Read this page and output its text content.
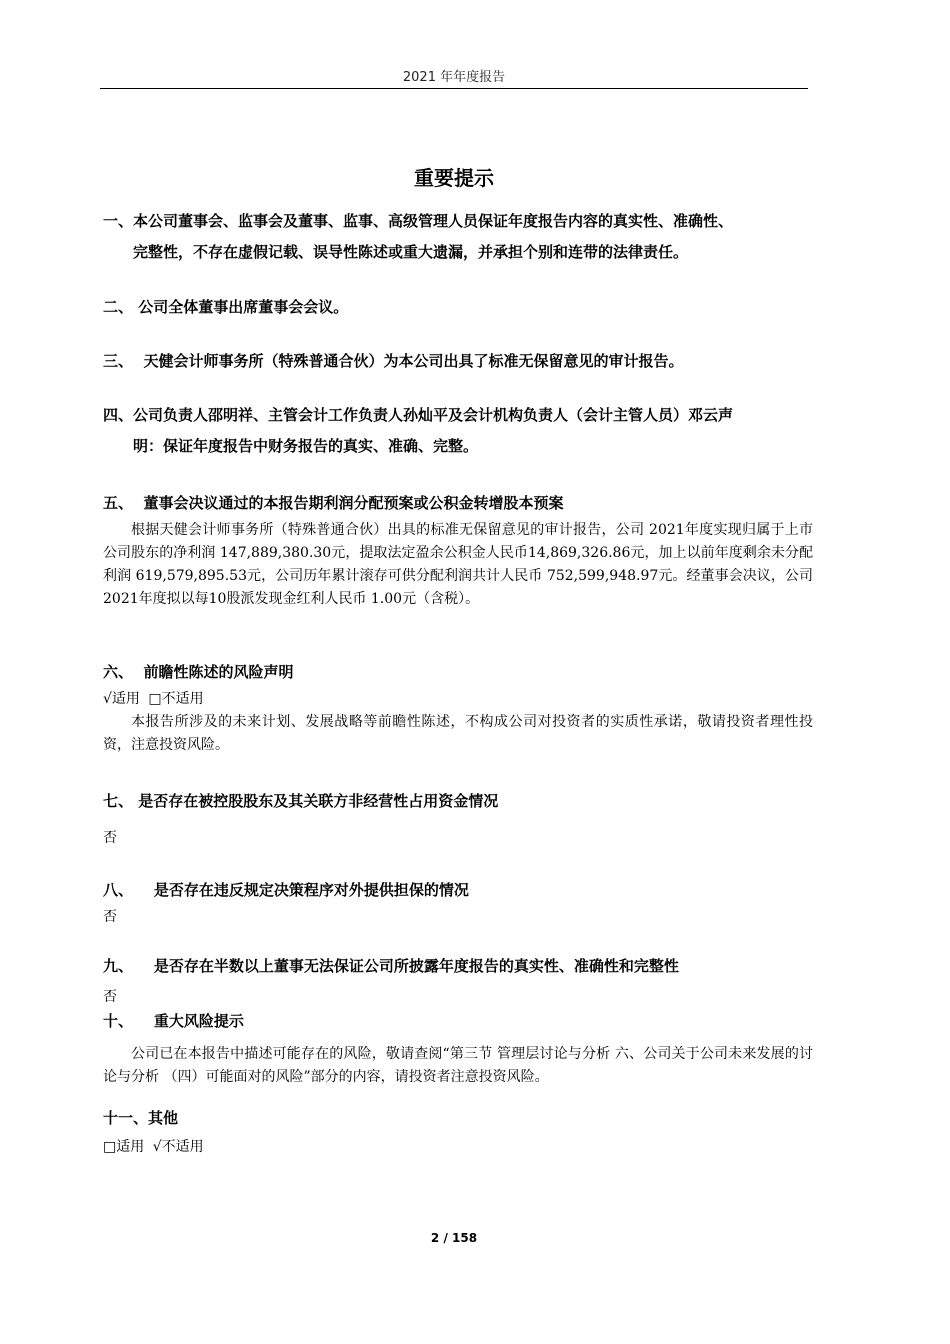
2021 年年度报告
重要提示

一、本公司董事会、监事会及董事、监事、高级管理人员保证年度报告内容的真实性、准确性、
完整性，不存在虚假记载、误导性陈述或重大遗漏，并承担个别和连带的法律责任。

二、 公司全体董事出席董事会会议。

三、 天健会计师事务所（特殊普通合伙）为本公司出具了标准无保留意见的审计报告。

四、公司负责人邵明祥、主管会计工作负责人孙灿平及会计机构负责人（会计主管人员）邓云声
明：保证年度报告中财务报告的真实、准确、完整。

五、 董事会决议通过的本报告期利润分配预案或公积金转增股本预案

根据天健会计师事务所（特殊普通合伙）出具的标准无保留意见的审计报告，公司 2021年度实现归属于上市公司股东的净利润 147,889,380.30元，提取法定盈余公积金人民币14,869,326.86元，加上以前年度剩余未分配利润 619,579,895.53元，公司历年累计滚存可供分配利润共计人民币 752,599,948.97元。经董事会决议，公司2021年度拟以每10股派发现金红利人民币 1.00元（含税）。

六、 前瞻性陈述的风险声明

√适用 □不适用

本报告所涉及的未来计划、发展战略等前瞻性陈述，不构成公司对投资者的实质性承诺，敬请投资者理性投资，注意投资风险。

七、 是否存在被控股股东及其关联方非经营性占用资金情况

否

八、 是否存在违反规定决策程序对外提供担保的情况

否

九、 是否存在半数以上董事无法保证公司所披露年度报告的真实性、准确性和完整性

否

十、 重大风险提示

公司已在本报告中描述可能存在的风险，敬请查阅“第三节 管理层讨论与分析 六、公司关于公司未来发展的讨论与分析 （四）可能面对的风险”部分的内容，请投资者注意投资风险。

十一、其他

□适用 √不适用
2 / 158
